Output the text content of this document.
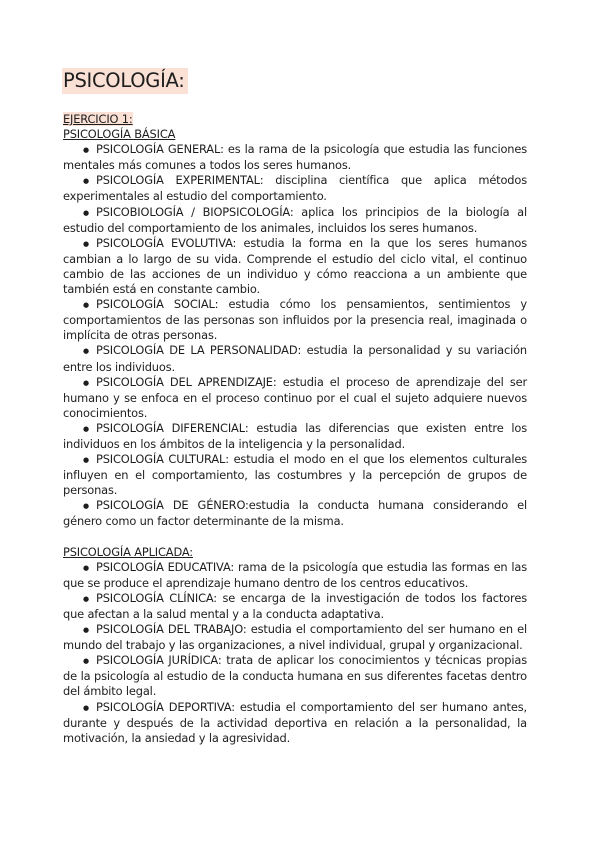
PSICOLOGÍA:

EJERCICIO 1:

PSICOLOGÍA BÁSICA

● PSICOLOGÍA GENERAL: es la rama de la psicología que estudia las funciones mentales más comunes a todos los seres humanos.
● PSICOLOGÍA EXPERIMENTAL: disciplina científica que aplica métodos experimentales al estudio del comportamiento.
● PSICOBIOLOGÍA / BIOPSICOLOGÍA: aplica los principios de la biología al estudio del comportamiento de los animales, incluidos los seres humanos.
● PSICOLOGÍA EVOLUTIVA: estudia la forma en la que los seres humanos cambian a lo largo de su vida. Comprende el estudio del ciclo vital, el continuo cambio de las acciones de un individuo y cómo reacciona a un ambiente que también está en constante cambio.
● PSICOLOGÍA SOCIAL: estudia cómo los pensamientos, sentimientos y comportamientos de las personas son influidos por la presencia real, imaginada o implícita de otras personas.
● PSICOLOGÍA DE LA PERSONALIDAD: estudia la personalidad y su variación entre los individuos.
● PSICOLOGÍA DEL APRENDIZAJE: estudia el proceso de aprendizaje del ser humano y se enfoca en el proceso continuo por el cual el sujeto adquiere nuevos conocimientos.
● PSICOLOGÍA DIFERENCIAL: estudia las diferencias que existen entre los individuos en los ámbitos de la inteligencia y la personalidad.
● PSICOLOGÍA CULTURAL: estudia el modo en el que los elementos culturales influyen en el comportamiento, las costumbres y la percepción de grupos de personas.
● PSICOLOGÍA DE GÉNERO:estudia la conducta humana considerando el género como un factor determinante de la misma.

PSICOLOGÍA APLICADA:

● PSICOLOGÍA EDUCATIVA: rama de la psicología que estudia las formas en las que se produce el aprendizaje humano dentro de los centros educativos.
● PSICOLOGÍA CLÍNICA: se encarga de la investigación de todos los factores que afectan a la salud mental y a la conducta adaptativa.
● PSICOLOGÍA DEL TRABAJO: estudia el comportamiento del ser humano en el mundo del trabajo y las organizaciones, a nivel individual, grupal y organizacional.
● PSICOLOGÍA JURÍDICA: trata de aplicar los conocimientos y técnicas propias de la psicología al estudio de la conducta humana en sus diferentes facetas dentro del ámbito legal.
● PSICOLOGÍA DEPORTIVA: estudia el comportamiento del ser humano antes, durante y después de la actividad deportiva en relación a la personalidad, la motivación, la ansiedad y la agresividad.
